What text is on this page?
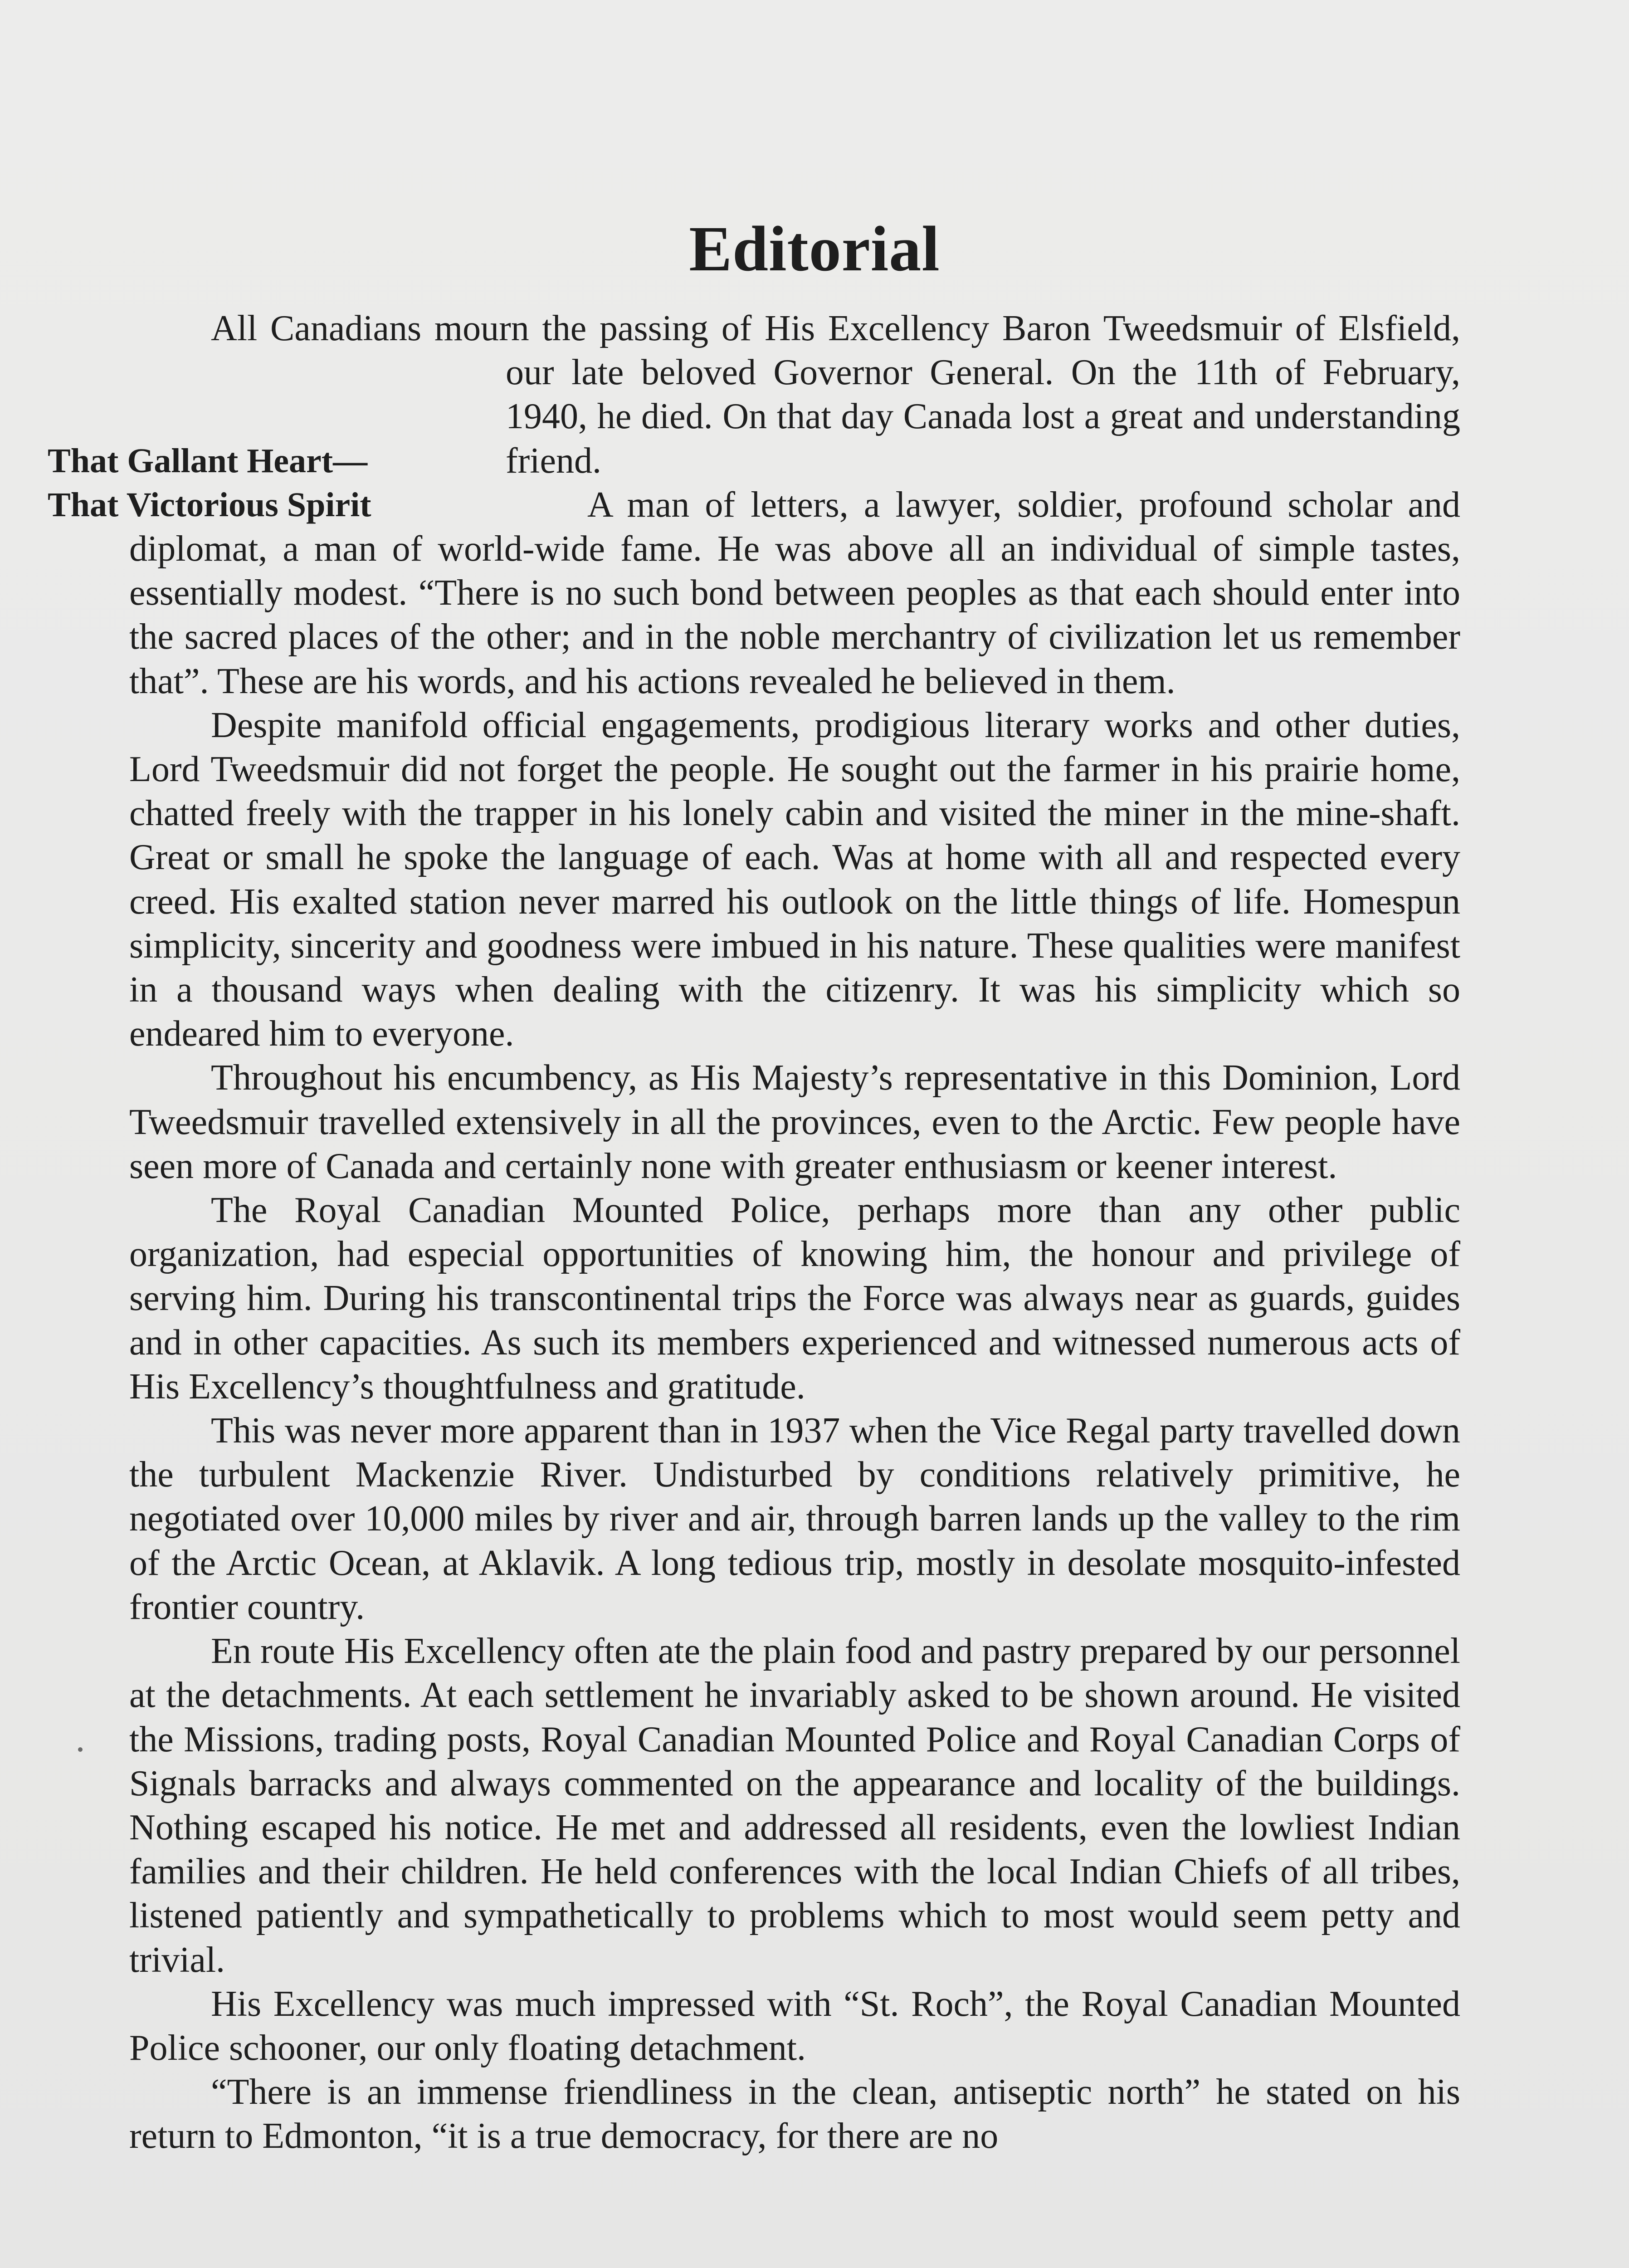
Editorial

That Gallant Heart—
That Victorious Spirit
All Canadians mourn the passing of His Excellency Baron Tweedsmuir of Elsfield, our late beloved Governor General. On the 11th of February, 1940, he died. On that day Canada lost a great and understanding friend.

A man of letters, a lawyer, soldier, profound scholar and diplomat, a man of world-wide fame. He was above all an individual of simple tastes, essentially modest. “There is no such bond between peoples as that each should enter into the sacred places of the other; and in the noble merchantry of civilization let us remember that”. These are his words, and his actions revealed he believed in them.

Despite manifold official engagements, prodigious literary works and other duties, Lord Tweedsmuir did not forget the people. He sought out the farmer in his prairie home, chatted freely with the trapper in his lonely cabin and visited the miner in the mine-shaft. Great or small he spoke the language of each. Was at home with all and respected every creed. His exalted station never marred his outlook on the little things of life. Homespun simplicity, sincerity and goodness were imbued in his nature. These qualities were manifest in a thousand ways when dealing with the citizenry. It was his simplicity which so endeared him to everyone.

Throughout his encumbency, as His Majesty’s representative in this Dominion, Lord Tweedsmuir travelled extensively in all the provinces, even to the Arctic. Few people have seen more of Canada and certainly none with greater enthusiasm or keener interest.

The Royal Canadian Mounted Police, perhaps more than any other public organization, had especial opportunities of knowing him, the honour and privilege of serving him. During his transcontinental trips the Force was always near as guards, guides and in other capacities. As such its members experienced and witnessed numerous acts of His Excellency’s thoughtfulness and gratitude.

This was never more apparent than in 1937 when the Vice Regal party travelled down the turbulent Mackenzie River. Undisturbed by conditions relatively primitive, he negotiated over 10,000 miles by river and air, through barren lands up the valley to the rim of the Arctic Ocean, at Aklavik. A long tedious trip, mostly in desolate mosquito-infested frontier country.

En route His Excellency often ate the plain food and pastry prepared by our personnel at the detachments. At each settlement he invariably asked to be shown around. He visited the Missions, trading posts, Royal Canadian Mounted Police and Royal Canadian Corps of Signals barracks and always commented on the appearance and locality of the buildings. Nothing escaped his notice. He met and addressed all residents, even the lowliest Indian families and their children. He held conferences with the local Indian Chiefs of all tribes, listened patiently and sympathetically to problems which to most would seem petty and trivial.

His Excellency was much impressed with “St. Roch”, the Royal Canadian Mounted Police schooner, our only floating detachment.

“There is an immense friendliness in the clean, antiseptic north” he stated on his return to Edmonton, “it is a true democracy, for there are no
